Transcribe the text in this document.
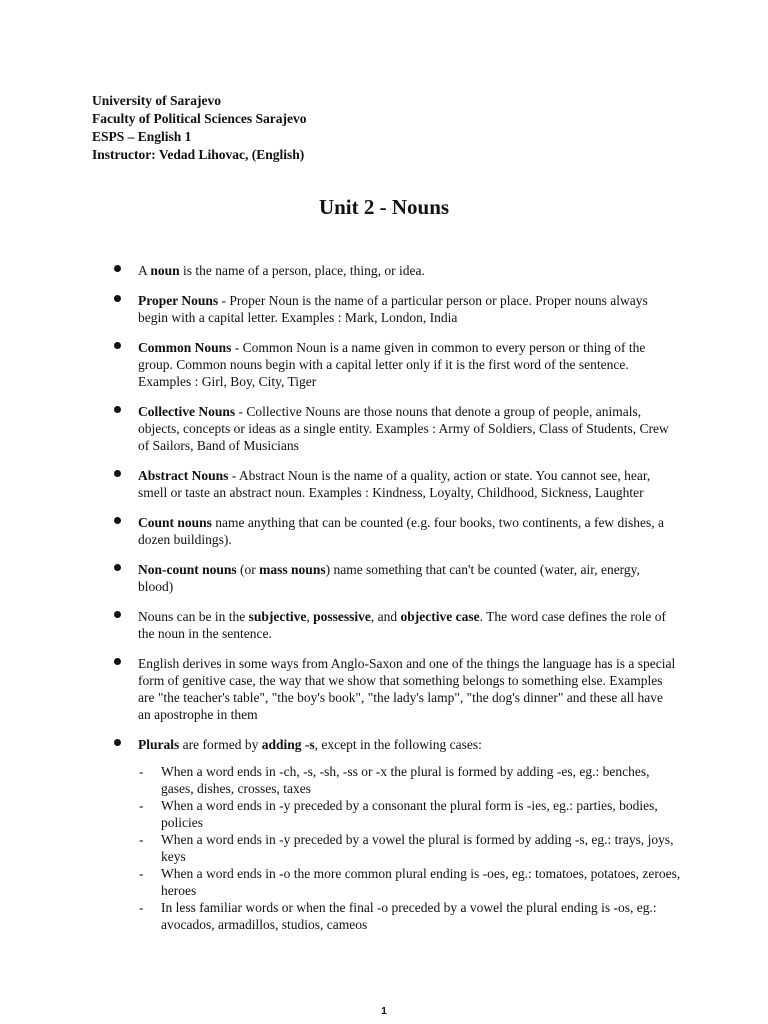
University of Sarajevo
Faculty of Political Sciences Sarajevo
ESPS – English 1
Instructor: Vedad Lihovac, (English)
Unit 2 - Nouns
A noun is the name of a person, place, thing, or idea.
Proper Nouns - Proper Noun is the name of a particular person or place. Proper nouns always begin with a capital letter. Examples : Mark, London, India
Common Nouns - Common Noun is a name given in common to every person or thing of the group. Common nouns begin with a capital letter only if it is the first word of the sentence. Examples : Girl, Boy, City, Tiger
Collective Nouns - Collective Nouns are those nouns that denote a group of people, animals, objects, concepts or ideas as a single entity. Examples : Army of Soldiers, Class of Students, Crew of Sailors, Band of Musicians
Abstract Nouns - Abstract Noun is the name of a quality, action or state. You cannot see, hear, smell or taste an abstract noun. Examples : Kindness, Loyalty, Childhood, Sickness, Laughter
Count nouns name anything that can be counted (e.g. four books, two continents, a few dishes, a dozen buildings).
Non-count nouns (or mass nouns) name something that can't be counted (water, air, energy, blood)
Nouns can be in the subjective, possessive, and objective case. The word case defines the role of the noun in the sentence.
English derives in some ways from Anglo-Saxon and one of the things the language has is a special form of genitive case, the way that we show that something belongs to something else. Examples are "the teacher's table", "the boy's book", "the lady's lamp", "the dog's dinner" and these all have an apostrophe in them
Plurals are formed by adding -s, except in the following cases:
- When a word ends in -ch, -s, -sh, -ss or -x the plural is formed by adding -es, eg.: benches, gases, dishes, crosses, taxes
- When a word ends in -y preceded by a consonant the plural form is -ies, eg.: parties, bodies, policies
- When a word ends in -y preceded by a vowel the plural is formed by adding -s, eg.: trays, joys, keys
- When a word ends in -o the more common plural ending is -oes, eg.: tomatoes, potatoes, zeroes, heroes
- In less familiar words or when the final -o preceded by a vowel the plural ending is -os, eg.: avocados, armadillos, studios, cameos
1
